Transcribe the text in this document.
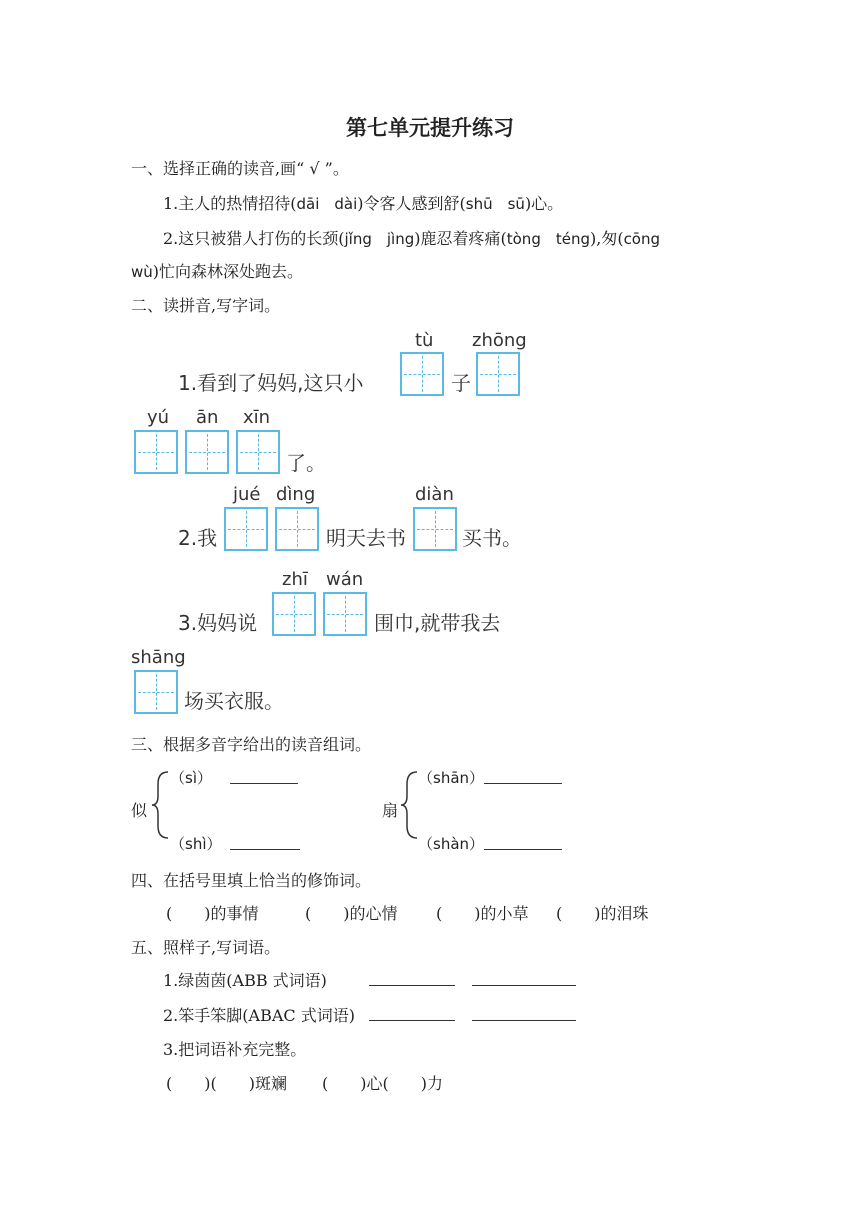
第七单元提升练习
一、选择正确的读音,画“ √ ”。
1.主人的热情招待(dāi　dài)令客人感到舒(shū　sū)心。
2.这只被猎人打伤的长颈(jǐng　jìng)鹿忍着疼痛(tòng　téng),匆(cōng
wù)忙向森林深处跑去。
二、读拼音,写字词。
tù zhōng
1.看到了妈妈,这只小	子
yú ān xīn
了。
jué dìng	diàn
2.我	明天去书	买书。
zhī wán
3.妈妈说	围巾,就带我去
shāng
场买衣服。
三、根据多音字给出的读音组词。
似
（sì）
（shì）
扇
（shān）
（shàn）
四、在括号里填上恰当的修饰词。
(　　)的事情	(　　)的心情 (　　)的小草 (　　)的泪珠
五、照样子,写词语。
1.绿茵茵(ABB 式词语)
2.笨手笨脚(ABAC 式词语)
3.把词语补充完整。
(　　)(　　)斑斓 (　　)心(　　)力
